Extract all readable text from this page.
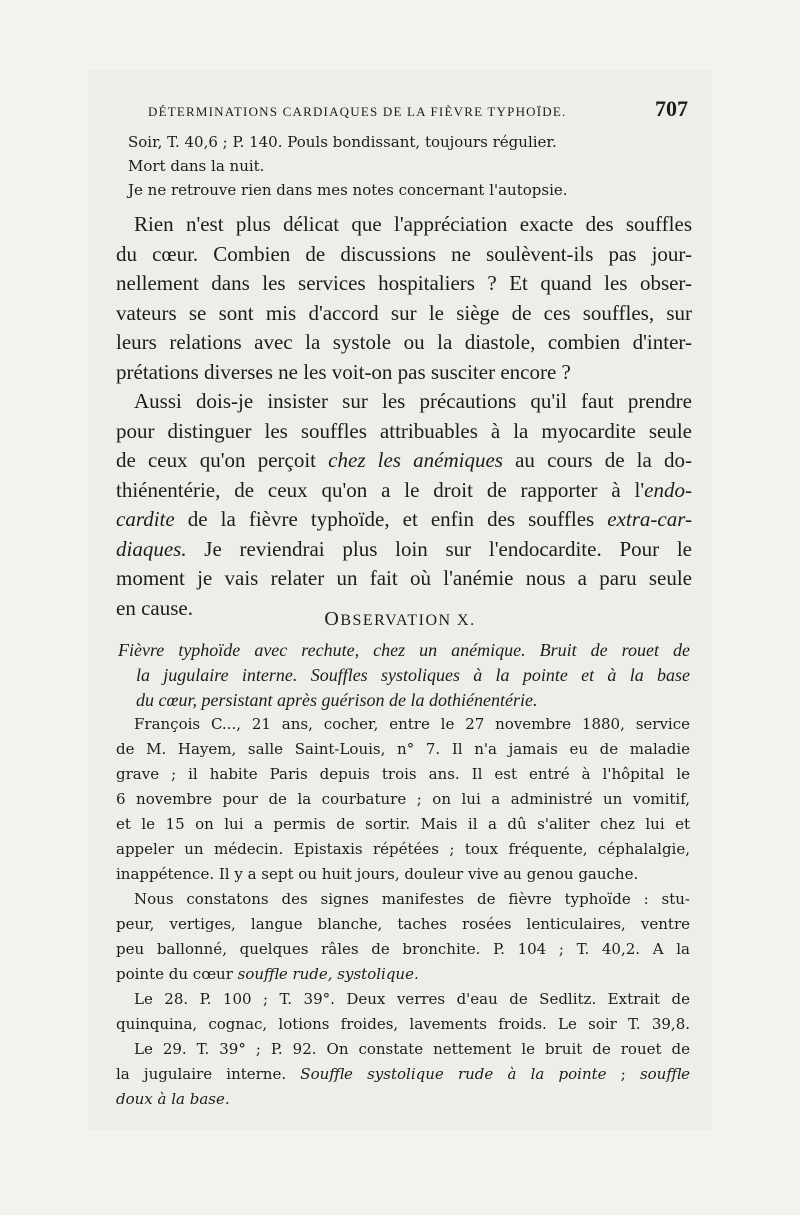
DÉTERMINATIONS CARDIAQUES DE LA FIÈVRE TYPHOÏDE.	707

Soir, T. 40,6 ; P. 140. Pouls bondissant, toujours régulier.

Mort dans la nuit.

Je ne retrouve rien dans mes notes concernant l'autopsie.

Rien n'est plus délicat que l'appréciation exacte des souffles
du cœur. Combien de discussions ne soulèvent-ils pas jour-
nellement dans les services hospitaliers ? Et quand les obser-
vateurs se sont mis d'accord sur le siège de ces souffles, sur
leurs relations avec la systole ou la diastole, combien d'inter-
prétations diverses ne les voit-on pas susciter encore ?
Aussi dois-je insister sur les précautions qu'il faut prendre
pour distinguer les souffles attribuables à la myocardite seule
de ceux qu'on perçoit chez les anémiques au cours de la do-
thiénentérie, de ceux qu'on a le droit de rapporter à l'endo-
cardite de la fièvre typhoïde, et enfin des souffles extra-car-
diaques. Je reviendrai plus loin sur l'endocardite. Pour le
moment je vais relater un fait où l'anémie nous a paru seule
en cause.	OBSERVATION X.
Fièvre typhoïde avec rechute, chez un anémique. Bruit de rouet de
la jugulaire interne. Souffles systoliques à la pointe et à la base
du cœur, persistant après guérison de la dothiénentérie.
François C..., 21 ans, cocher, entre le 27 novembre 1880, service
de M. Hayem, salle Saint-Louis, n° 7. Il n'a jamais eu de maladie
grave ; il habite Paris depuis trois ans. Il est entré à l'hôpital le
6 novembre pour de la courbature ; on lui a administré un vomitif,
et le 15 on lui a permis de sortir. Mais il a dû s'aliter chez lui et
appeler un médecin. Epistaxis répétées ; toux fréquente, céphalalgie,
inappétence. Il y a sept ou huit jours, douleur vive au genou gauche.
Nous constatons des signes manifestes de fièvre typhoïde : stu-
peur, vertiges, langue blanche, taches rosées lenticulaires, ventre
peu ballonné, quelques râles de bronchite. P. 104 ; T. 40,2. A la
pointe du cœur souffle rude, systolique.
Le 28. P. 100 ; T. 39°. Deux verres d'eau de Sedlitz. Extrait de
quinquina, cognac, lotions froides, lavements froids. Le soir T. 39,8.
Le 29. T. 39° ; P. 92. On constate nettement le bruit de rouet de
la jugulaire interne. Souffle systolique rude à la pointe ; souffle
doux à la base.
